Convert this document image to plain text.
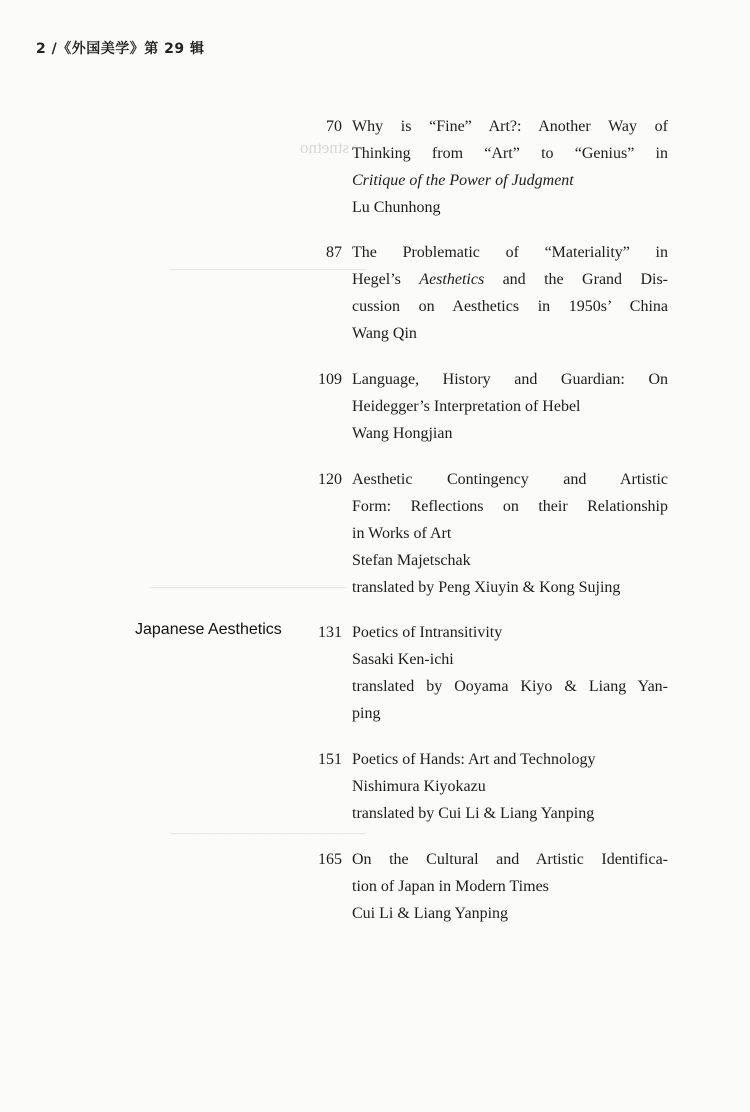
2 /《外国美学》第 29 辑
stnetno
——————————————
——————————————
——————————————
Japanese Aesthetics
70 Why is “Fine” Art?: Another Way of
Thinking from “Art” to “Genius” in
Critique of the Power of Judgment
Lu Chunhong
87 The Problematic of “Materiality” in
Hegel’s Aesthetics and the Grand Dis-
cussion on Aesthetics in 1950s’ China
Wang Qin
109 Language, History and Guardian: On
Heidegger’s Interpretation of Hebel
Wang Hongjian
120 Aesthetic Contingency and Artistic
Form: Reflections on their Relationship
in Works of Art
Stefan Majetschak
translated by Peng Xiuyin & Kong Sujing
131 Poetics of Intransitivity
Sasaki Ken-ichi
translated by Ooyama Kiyo & Liang Yan-
ping
151 Poetics of Hands: Art and Technology
Nishimura Kiyokazu
translated by Cui Li & Liang Yanping
165 On the Cultural and Artistic Identifica-
tion of Japan in Modern Times
Cui Li & Liang Yanping
